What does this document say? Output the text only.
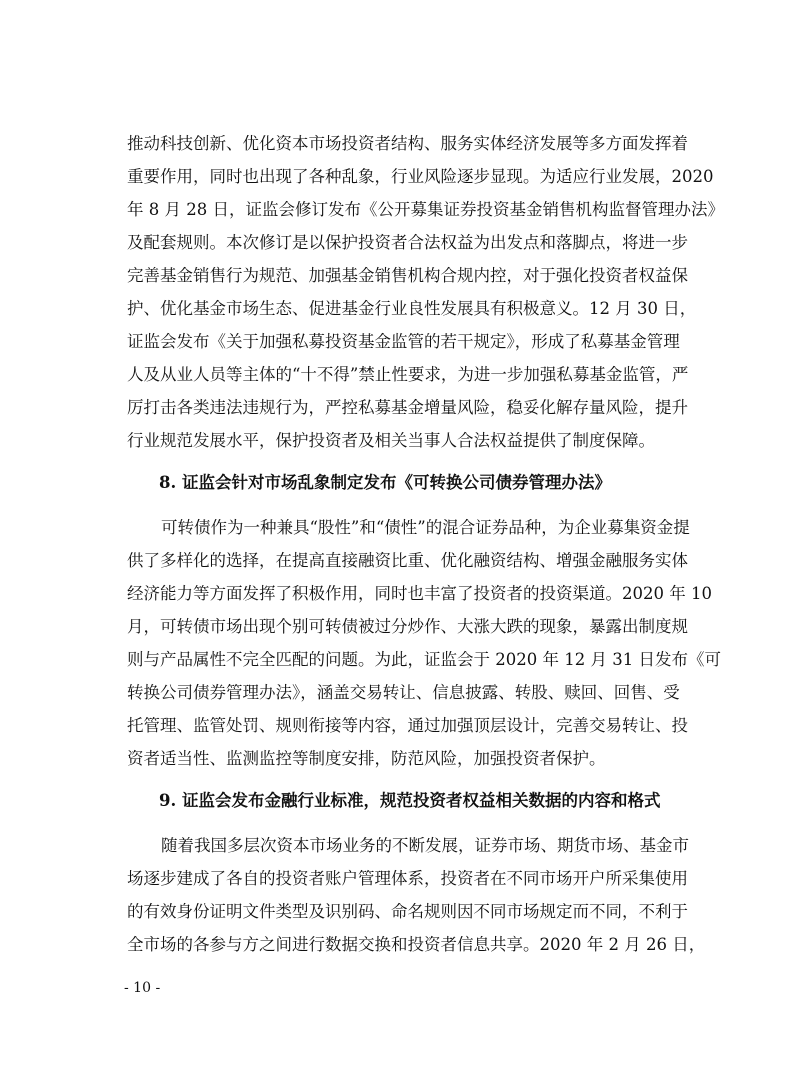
推动科技创新、优化资本市场投资者结构、服务实体经济发展等多方面发挥着
重要作用，同时也出现了各种乱象，行业风险逐步显现。为适应行业发展，2020
年 8 月 28 日，证监会修订发布《公开募集证券投资基金销售机构监督管理办法》
及配套规则。本次修订是以保护投资者合法权益为出发点和落脚点，将进一步
完善基金销售行为规范、加强基金销售机构合规内控，对于强化投资者权益保
护、优化基金市场生态、促进基金行业良性发展具有积极意义。12 月 30 日，
证监会发布《关于加强私募投资基金监管的若干规定》，形成了私募基金管理
人及从业人员等主体的“十不得”禁止性要求，为进一步加强私募基金监管，严
厉打击各类违法违规行为，严控私募基金增量风险，稳妥化解存量风险，提升
行业规范发展水平，保护投资者及相关当事人合法权益提供了制度保障。
8. 证监会针对市场乱象制定发布《可转换公司债券管理办法》
可转债作为一种兼具“股性”和“债性”的混合证券品种，为企业募集资金提
供了多样化的选择，在提高直接融资比重、优化融资结构、增强金融服务实体
经济能力等方面发挥了积极作用，同时也丰富了投资者的投资渠道。2020 年 10
月，可转债市场出现个别可转债被过分炒作、大涨大跌的现象，暴露出制度规
则与产品属性不完全匹配的问题。为此，证监会于 2020 年 12 月 31 日发布《可
转换公司债券管理办法》，涵盖交易转让、信息披露、转股、赎回、回售、受
托管理、监管处罚、规则衔接等内容，通过加强顶层设计，完善交易转让、投
资者适当性、监测监控等制度安排，防范风险，加强投资者保护。
9. 证监会发布金融行业标准，规范投资者权益相关数据的内容和格式
随着我国多层次资本市场业务的不断发展，证券市场、期货市场、基金市
场逐步建成了各自的投资者账户管理体系，投资者在不同市场开户所采集使用
的有效身份证明文件类型及识别码、命名规则因不同市场规定而不同，不利于
全市场的各参与方之间进行数据交换和投资者信息共享。2020 年 2 月 26 日，
- 10 -
